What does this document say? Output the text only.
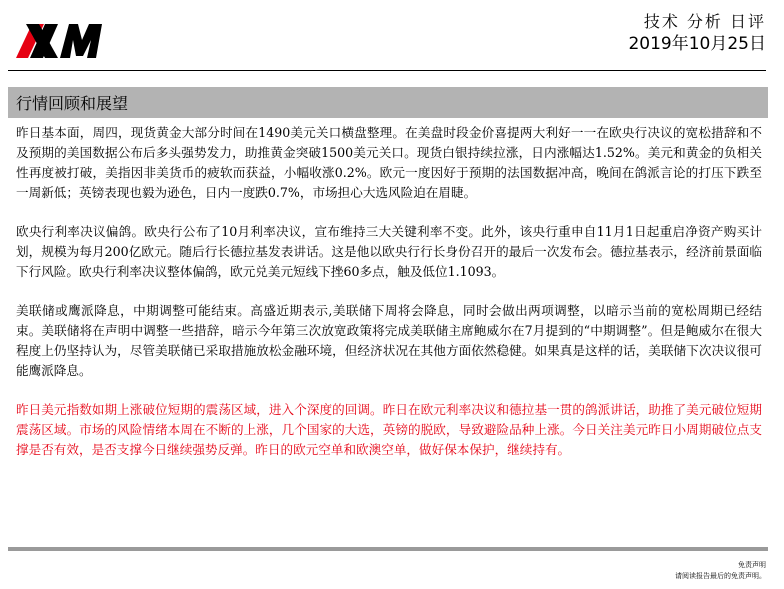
技术 分析 日评
2019年10月25日
行情回顾和展望

昨日基本面，周四，现货黄金大部分时间在1490美元关口横盘整理。在美盘时段金价喜提两大利好一一在欧央行决议的宽松措辞和不及预期的美国数据公布后多头强势发力，助推黄金突破1500美元关口。现货白银持续拉涨，日内涨幅达1.52%。美元和黄金的负相关性再度被打破，美指因非美货币的疲软而获益，小幅收涨0.2%。欧元一度因好于预期的法国数据冲高，晚间在鸽派言论的打压下跌至一周新低；英镑表现也毅为逊色，日内一度跌0.7%，市场担心大选风险迫在眉睫。

欧央行利率决议偏鸽。欧央行公布了10月利率决议，宣布维持三大关键利率不变。此外，该央行重申自11月1日起重启净资产购买计划，规模为每月200亿欧元。随后行长德拉基发表讲话。这是他以欧央行行长身份召开的最后一次发布会。德拉基表示，经济前景面临下行风险。欧央行利率决议整体偏鸽，欧元兑美元短线下挫60多点，触及低位1.1093。

美联储或鹰派降息，中期调整可能结束。高盛近期表示,美联储下周将会降息，同时会做出两项调整，以暗示当前的宽松周期已经结束。美联储将在声明中调整一些措辞，暗示今年第三次放宽政策将完成美联储主席鲍威尔在7月提到的“中期调整”。但是鲍威尔在很大程度上仍坚持认为，尽管美联储已采取措施放松金融环境，但经济状况在其他方面依然稳健。如果真是这样的话，美联储下次决议很可能鹰派降息。

昨日美元指数如期上涨破位短期的震荡区域，进入个深度的回调。昨日在欧元利率决议和德拉基一贯的鸽派讲话，助推了美元破位短期震荡区域。市场的风险情绪本周在不断的上涨，几个国家的大选，英镑的脱欧，导致避险品种上涨。今日关注美元昨日小周期破位点支撑是否有效，是否支撑今日继续强势反弹。昨日的欧元空单和欧澳空单，做好保本保护，继续持有。

免责声明
请阅读报告最后的免责声明。
